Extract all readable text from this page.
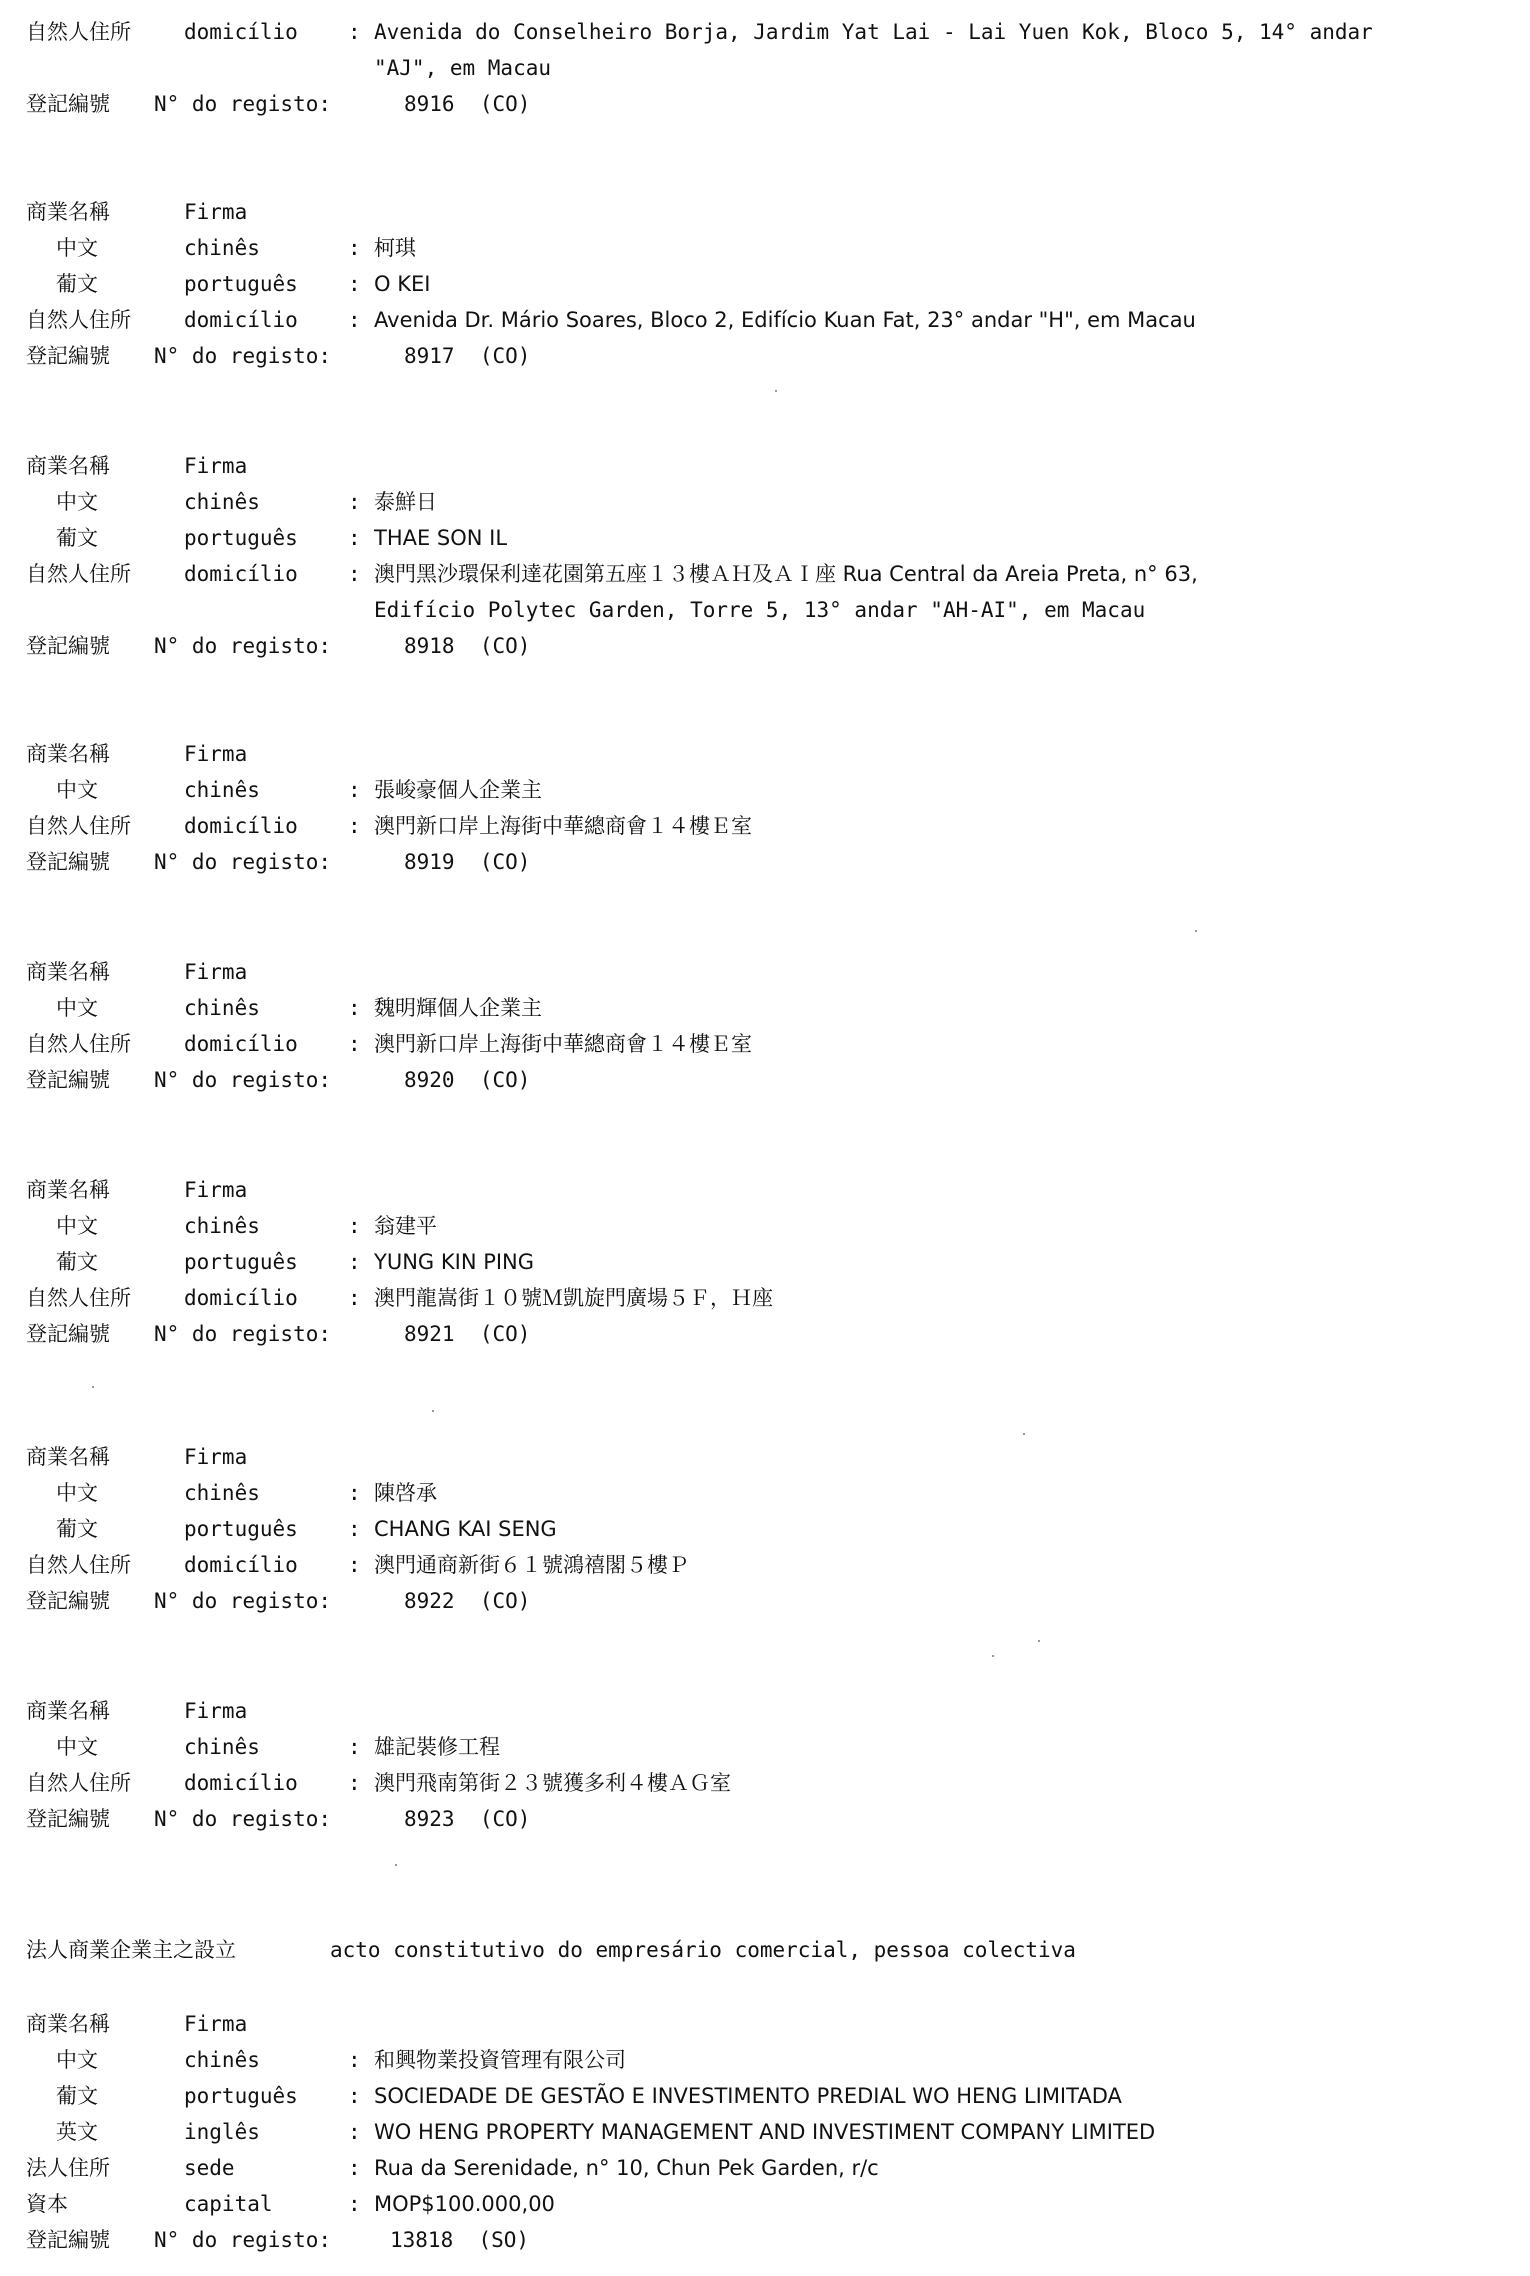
自然人住所	domicílio : Avenida do Conselheiro Borja, Jardim Yat Lai - Lai Yuen Kok, Bloco 5, 14° andar
"AJ", em Macau
登記編號 N° do registo:	8916  (CO)
商業名稱	Firma
中文	chinês	: 柯琪
葡文	português : O KEI
自然人住所	domicílio : Avenida Dr. Mário Soares, Bloco 2, Edifício Kuan Fat, 23° andar "H", em Macau
登記編號 N° do registo:	8917  (CO)
商業名稱	Firma
中文	chinês	: 泰鮮日
葡文	português : THAE SON IL
自然人住所	domicílio : 澳門黑沙環保利達花園第五座１３樓ＡＨ及ＡＩ座 Rua Central da Areia Preta, n° 63,
Edifício Polytec Garden, Torre 5, 13° andar "AH-AI", em Macau
登記編號 N° do registo:	8918  (CO)
商業名稱	Firma
中文	chinês	: 張峻豪個人企業主
自然人住所	domicílio : 澳門新口岸上海街中華總商會１４樓Ｅ室
登記編號 N° do registo:	8919  (CO)
商業名稱	Firma
中文	chinês	: 魏明輝個人企業主
自然人住所	domicílio : 澳門新口岸上海街中華總商會１４樓Ｅ室
登記編號 N° do registo:	8920  (CO)
商業名稱	Firma
中文	chinês	: 翁建平
葡文	português : YUNG KIN PING
自然人住所	domicílio : 澳門龍嵩街１０號Ｍ凱旋門廣場５Ｆ，Ｈ座
登記編號 N° do registo:	8921  (CO)
商業名稱	Firma
中文	chinês	: 陳啓承
葡文	português : CHANG KAI SENG
自然人住所	domicílio : 澳門通商新街６１號鴻禧閣５樓Ｐ
登記編號 N° do registo:	8922  (CO)
商業名稱	Firma
中文	chinês	: 雄記裝修工程
自然人住所	domicílio : 澳門飛南第街２３號獲多利４樓ＡＧ室
登記編號 N° do registo:	8923  (CO)
法人商業企業主之設立	acto constitutivo do empresário comercial, pessoa colectiva
商業名稱	Firma
中文	chinês	: 和興物業投資管理有限公司
葡文	português : SOCIEDADE DE GESTÃO E INVESTIMENTO PREDIAL WO HENG LIMITADA
英文	inglês	: WO HENG PROPERTY MANAGEMENT AND INVESTIMENT COMPANY LIMITED
法人住所	sede	: Rua da Serenidade, n° 10, Chun Pek Garden, r/c
資本	capital	: MOP$100.000,00
登記編號 N° do registo:	13818  (SO)
